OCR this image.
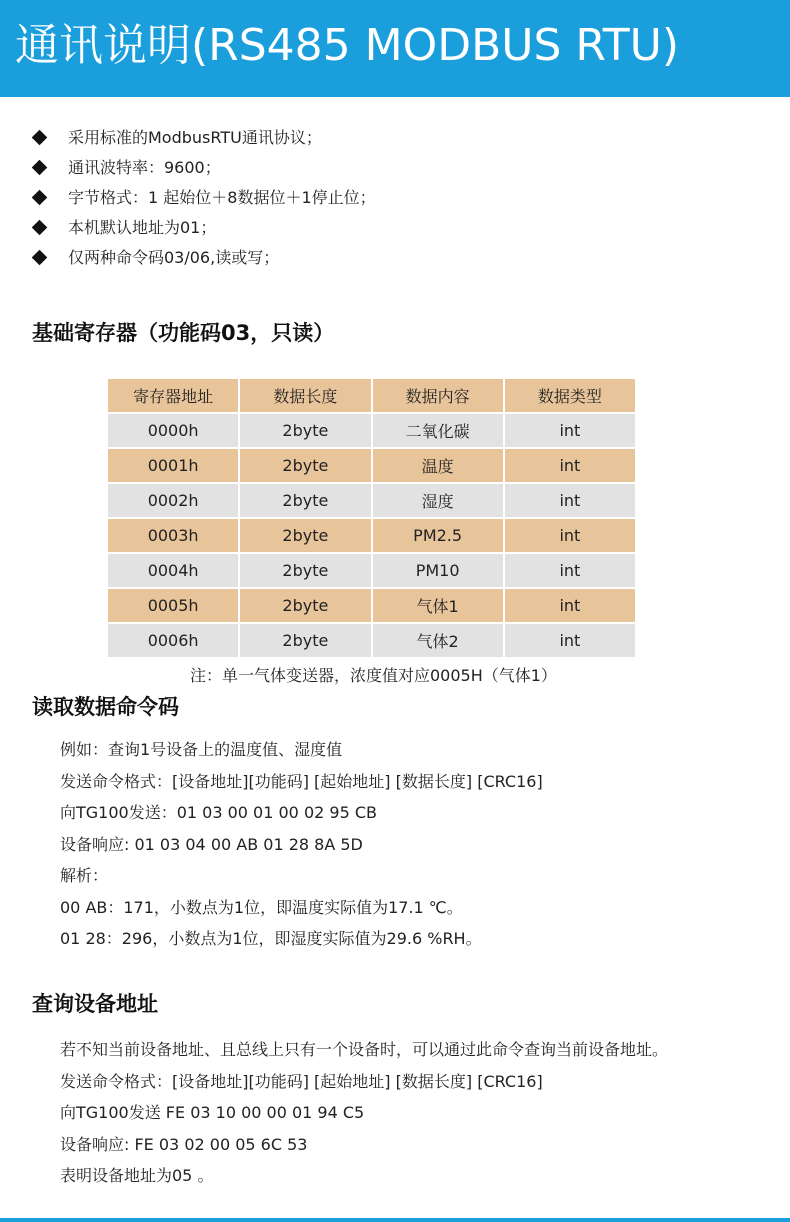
通讯说明(RS485 MODBUS RTU)
采用标准的ModbusRTU通讯协议；
通讯波特率：9600；
字节格式：1 起始位＋8数据位＋1停止位；
本机默认地址为01；
仅两种命令码03/06,读或写；
基础寄存器（功能码03，只读）
寄存器地址	数据长度	数据内容	数据类型
0000h	2byte	二氧化碳	int
0001h	2byte	温度	int
0002h	2byte	湿度	int
0003h	2byte	PM2.5	int
0004h	2byte	PM10	int
0005h	2byte	气体1	int
0006h	2byte	气体2	int
注：单一气体变送器，浓度值对应0005H（气体1）
读取数据命令码

例如：查询1号设备上的温度值、湿度值

发送命令格式：[设备地址][功能码] [起始地址] [数据长度] [CRC16]

向TG100发送：01 03 00 01 00 02 95 CB

设备响应: 01 03 04 00 AB 01 28 8A 5D

解析：

00 AB：171，小数点为1位，即温度实际值为17.1 ℃。

01 28：296，小数点为1位，即湿度实际值为29.6 %RH。

查询设备地址

若不知当前设备地址、且总线上只有一个设备时，可以通过此命令查询当前设备地址。

发送命令格式：[设备地址][功能码] [起始地址] [数据长度] [CRC16]

向TG100发送 FE 03 10 00 00 01 94 C5

设备响应: FE 03 02 00 05 6C 53

表明设备地址为05 。
